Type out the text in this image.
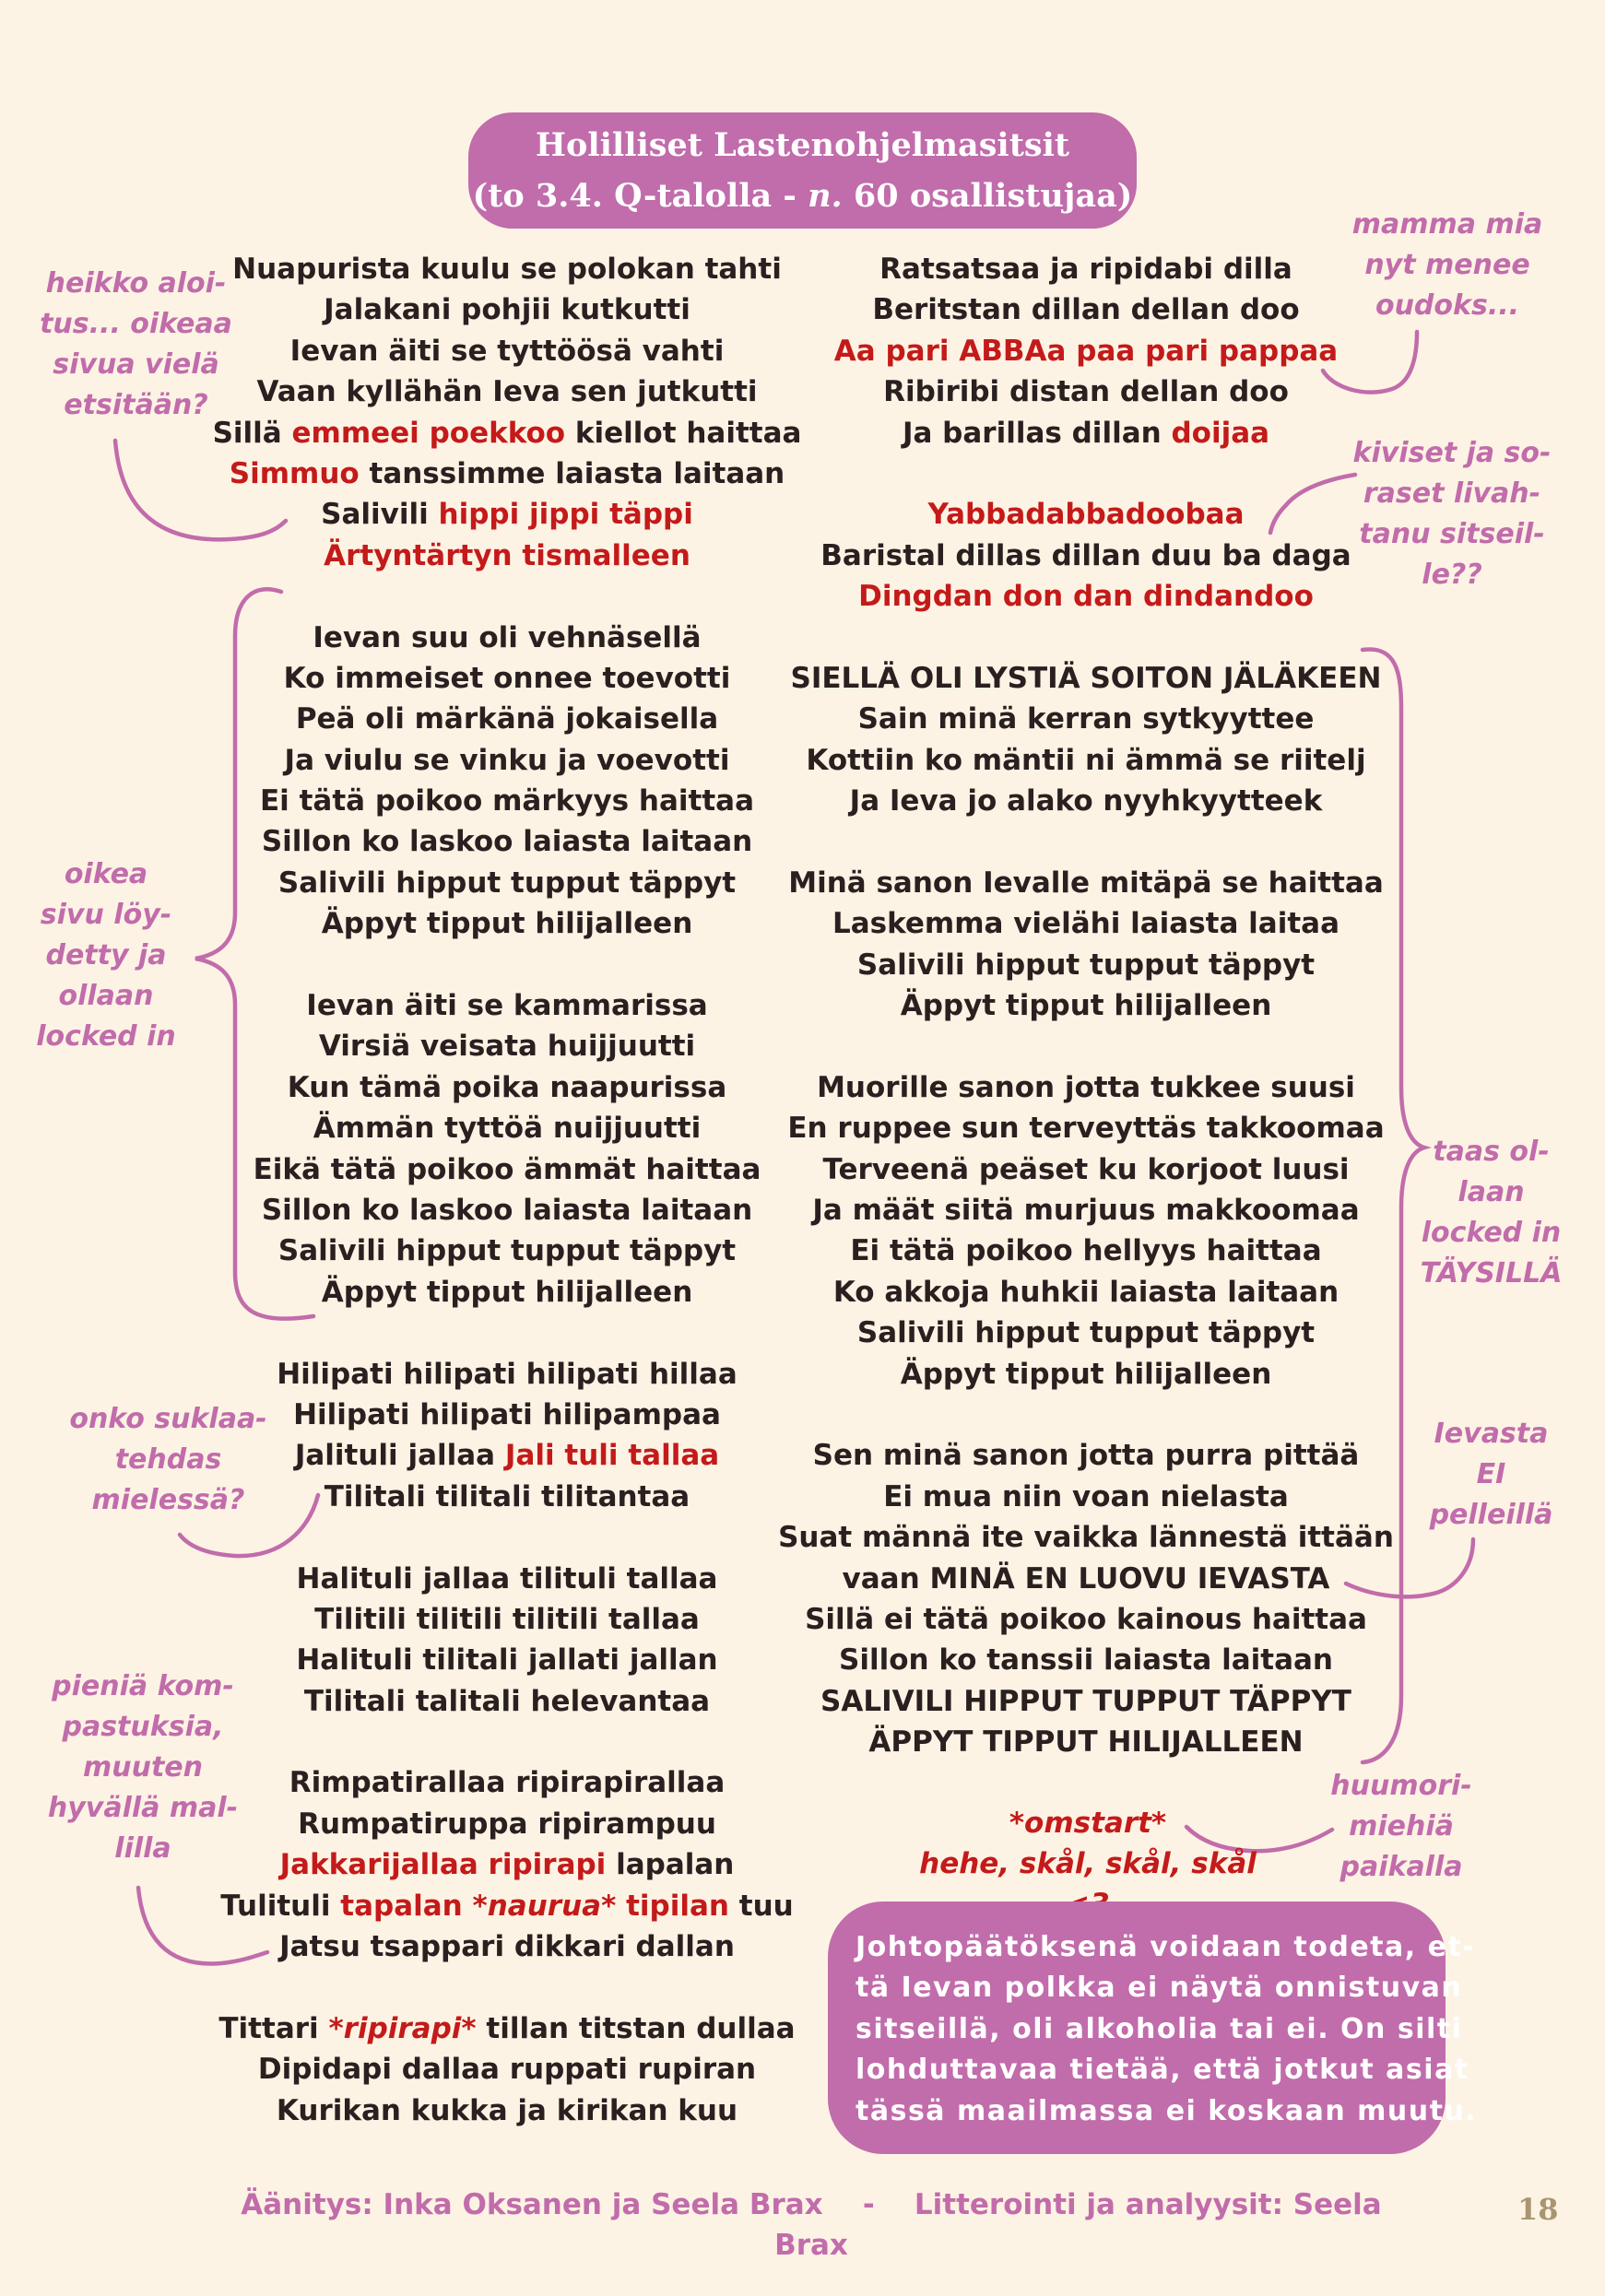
Holilliset Lastenohjelmasitsit
(to 3.4. Q-talolla - n. 60 osallistujaa)
Nuapurista kuulu se polokan tahti
Jalakani pohjii kutkutti
Ievan äiti se tyttöösä vahti
Vaan kyllähän Ieva sen jutkutti
Sillä emmeei poekkoo kiellot haittaa
Simmuo tanssimme laiasta laitaan
Salivili hippi jippi täppi
Ärtyntärtyn tismalleen
Ievan suu oli vehnäsellä
Ko immeiset onnee toevotti
Peä oli märkänä jokaisella
Ja viulu se vinku ja voevotti
Ei tätä poikoo märkyys haittaa
Sillon ko laskoo laiasta laitaan
Salivili hipput tupput täppyt
Äppyt tipput hilijalleen
Ievan äiti se kammarissa
Virsiä veisata huijjuutti
Kun tämä poika naapurissa
Ämmän tyttöä nuijjuutti
Eikä tätä poikoo ämmät haittaa
Sillon ko laskoo laiasta laitaan
Salivili hipput tupput täppyt
Äppyt tipput hilijalleen
Hilipati hilipati hilipati hillaa
Hilipati hilipati hilipampaa
Jalituli jallaa Jali tuli tallaa
Tilitali tilitali tilitantaa
Halituli jallaa tilituli tallaa
Tilitili tilitili tilitili tallaa
Halituli tilitali jallati jallan
Tilitali talitali helevantaa
Rimpatirallaa ripirapirallaa
Rumpatiruppa ripirampuu
Jakkarijallaa ripirapi lapalan
Tulituli tapalan *naurua* tipilan tuu
Jatsu tsappari dikkari dallan
Tittari *ripirapi* tillan titstan dullaa
Dipidapi dallaa ruppati rupiran
Kurikan kukka ja kirikan kuu
Ratsatsaa ja ripidabi dilla
Beritstan dillan dellan doo
Aa pari ABBAa paa pari pappaa
Ribiribi distan dellan doo
Ja barillas dillan doijaa
Yabbadabbadoobaa
Baristal dillas dillan duu ba daga
Dingdan don dan dindandoo
SIELLÄ OLI LYSTIÄ SOITON JÄLÄKEEN
Sain minä kerran sytkyyttee
Kottiin ko mäntii ni ämmä se riitelj
Ja Ieva jo alako nyyhkyytteek
Minä sanon Ievalle mitäpä se haittaa
Laskemma vielähi laiasta laitaa
Salivili hipput tupput täppyt
Äppyt tipput hilijalleen
Muorille sanon jotta tukkee suusi
En ruppee sun terveyttäs takkoomaa
Terveenä peäset ku korjoot luusi
Ja määt siitä murjuus makkoomaa
Ei tätä poikoo hellyys haittaa
Ko akkoja huhkii laiasta laitaan
Salivili hipput tupput täppyt
Äppyt tipput hilijalleen
Sen minä sanon jotta purra pittää
Ei mua niin voan nielasta
Suat männä ite vaikka lännestä ittään
vaan MINÄ EN LUOVU IEVASTA
Sillä ei tätä poikoo kainous haittaa
Sillon ko tanssii laiasta laitaan
SALIVILI HIPPUT TUPPUT TÄPPYT
ÄPPYT TIPPUT HILIJALLEEN
heikko aloi-
tus... oikeaa
sivua vielä
etsitään?
oikea
sivu löy-
detty ja
ollaan
locked in
onko suklaa-
tehdas
mielessä?
pieniä kom-
pastuksia,
muuten
hyvällä mal-
lilla
mamma mia
nyt menee
oudoks...
kiviset ja so-
raset livah-
tanu sitseil-
le??
taas ol-
laan
locked in
TÄYSILLÄ
Ievasta
EI
pelleillä
huumori-
miehiä
paikalla
*omstart*
hehe, skål, skål, skål
Johtopäätöksenä voidaan todeta, et-
tä Ievan polkka ei näytä onnistuvan
sitseillä, oli alkoholia tai ei. On silti
lohduttavaa tietää, että jotkut asiat
tässä maailmassa ei koskaan muutu.
Äänitys: Inka Oksanen ja Seela Brax - Litterointi ja analyysit: Seela Brax
18
